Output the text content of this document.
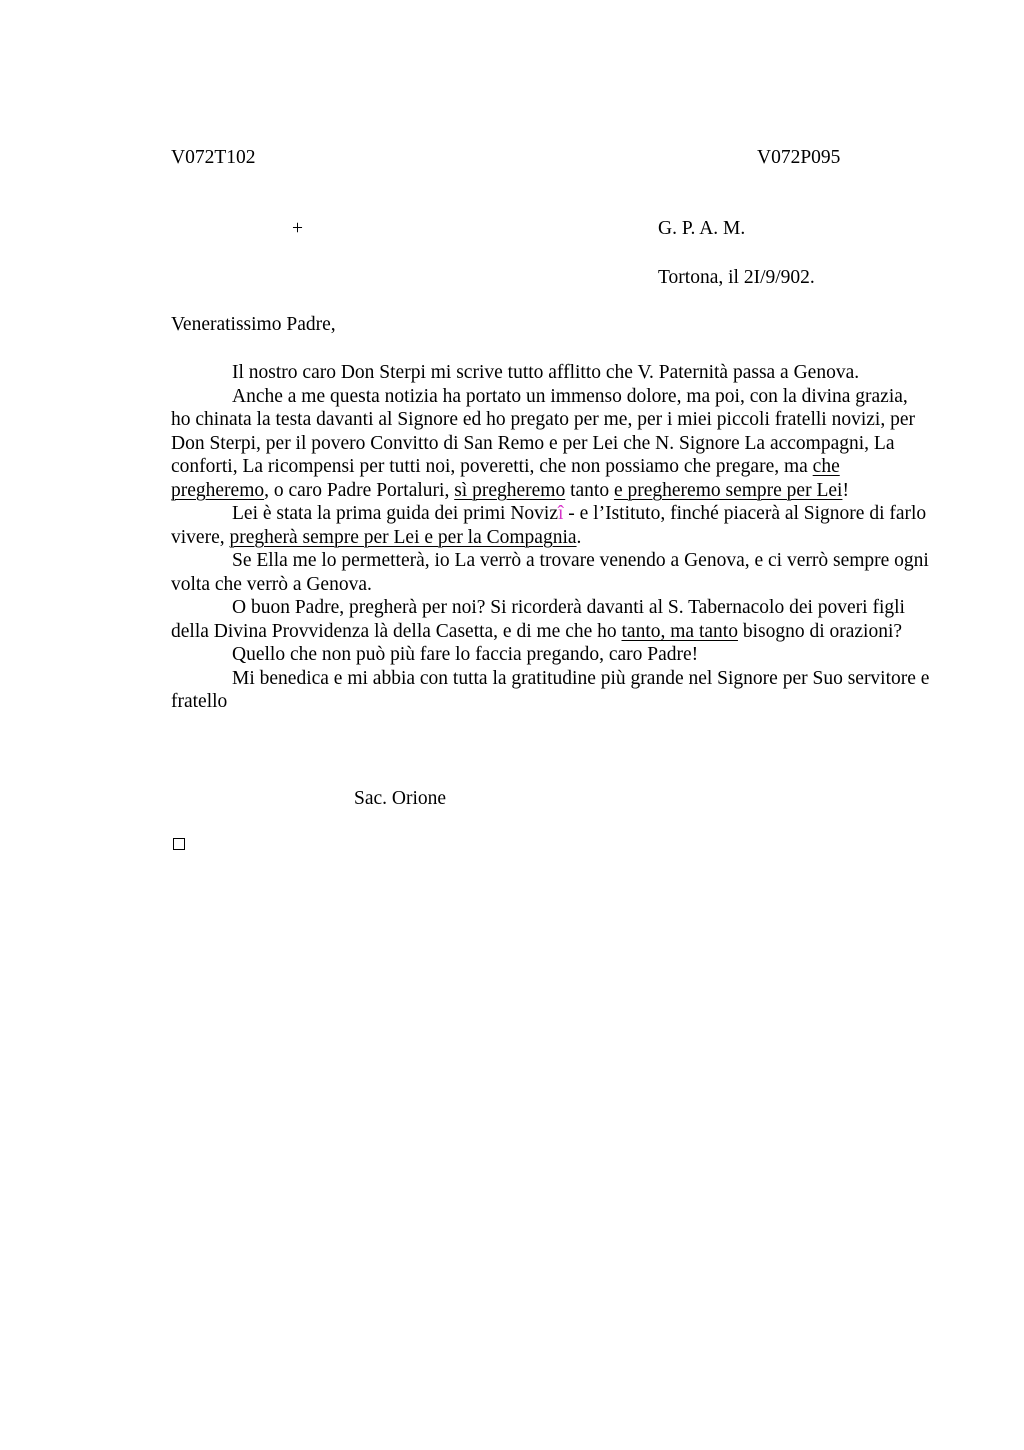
V072T102	V072P095
+	G. P. A. M.
Tortona, il 2I/9/902.
Veneratissimo Padre,

Il nostro caro Don Sterpi mi scrive tutto afflitto che V. Paternità passa a Genova.

Anche a me questa notizia ha portato un immenso dolore, ma poi, con la divina grazia, ho chinata la testa davanti al Signore ed ho pregato per me, per i miei piccoli fratelli novizi, per Don Sterpi, per il povero Convitto di San Remo e per Lei che N. Signore La accompagni, La conforti, La ricompensi per tutti noi, poveretti, che non possiamo che pregare, ma che pregheremo, o caro Padre Portaluri, sì pregheremo tanto e pregheremo sempre per Lei!

Lei è stata la prima guida dei primi Novizî - e l’Istituto, finché piacerà al Signore di farlo vivere, pregherà sempre per Lei e per la Compagnia.

Se Ella me lo permetterà, io La verrò a trovare venendo a Genova, e ci verrò sempre ogni volta che verrò a Genova.

O buon Padre, pregherà per noi? Si ricorderà davanti al S. Tabernacolo dei poveri figli della Divina Provvidenza là della Casetta, e di me che ho tanto, ma tanto bisogno di orazioni?

Quello che non può più fare lo faccia pregando, caro Padre!

Mi benedica e mi abbia con tutta la gratitudine più grande nel Signore per Suo servitore e fratello

Sac. Orione
